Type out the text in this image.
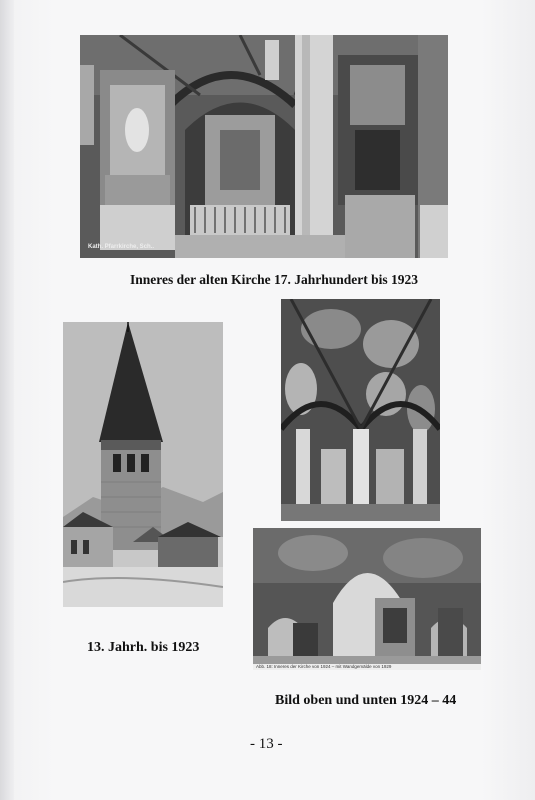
Kath. Pfarrkirche, Sch..
Inneres der alten Kirche 17. Jahrhundert bis 1923
Abb. 18: Inneres der Kirche von 1924 – mit Wandgemälde von 1929
13. Jahrh. bis 1923
Bild oben und unten 1924 – 44
- 13 -
